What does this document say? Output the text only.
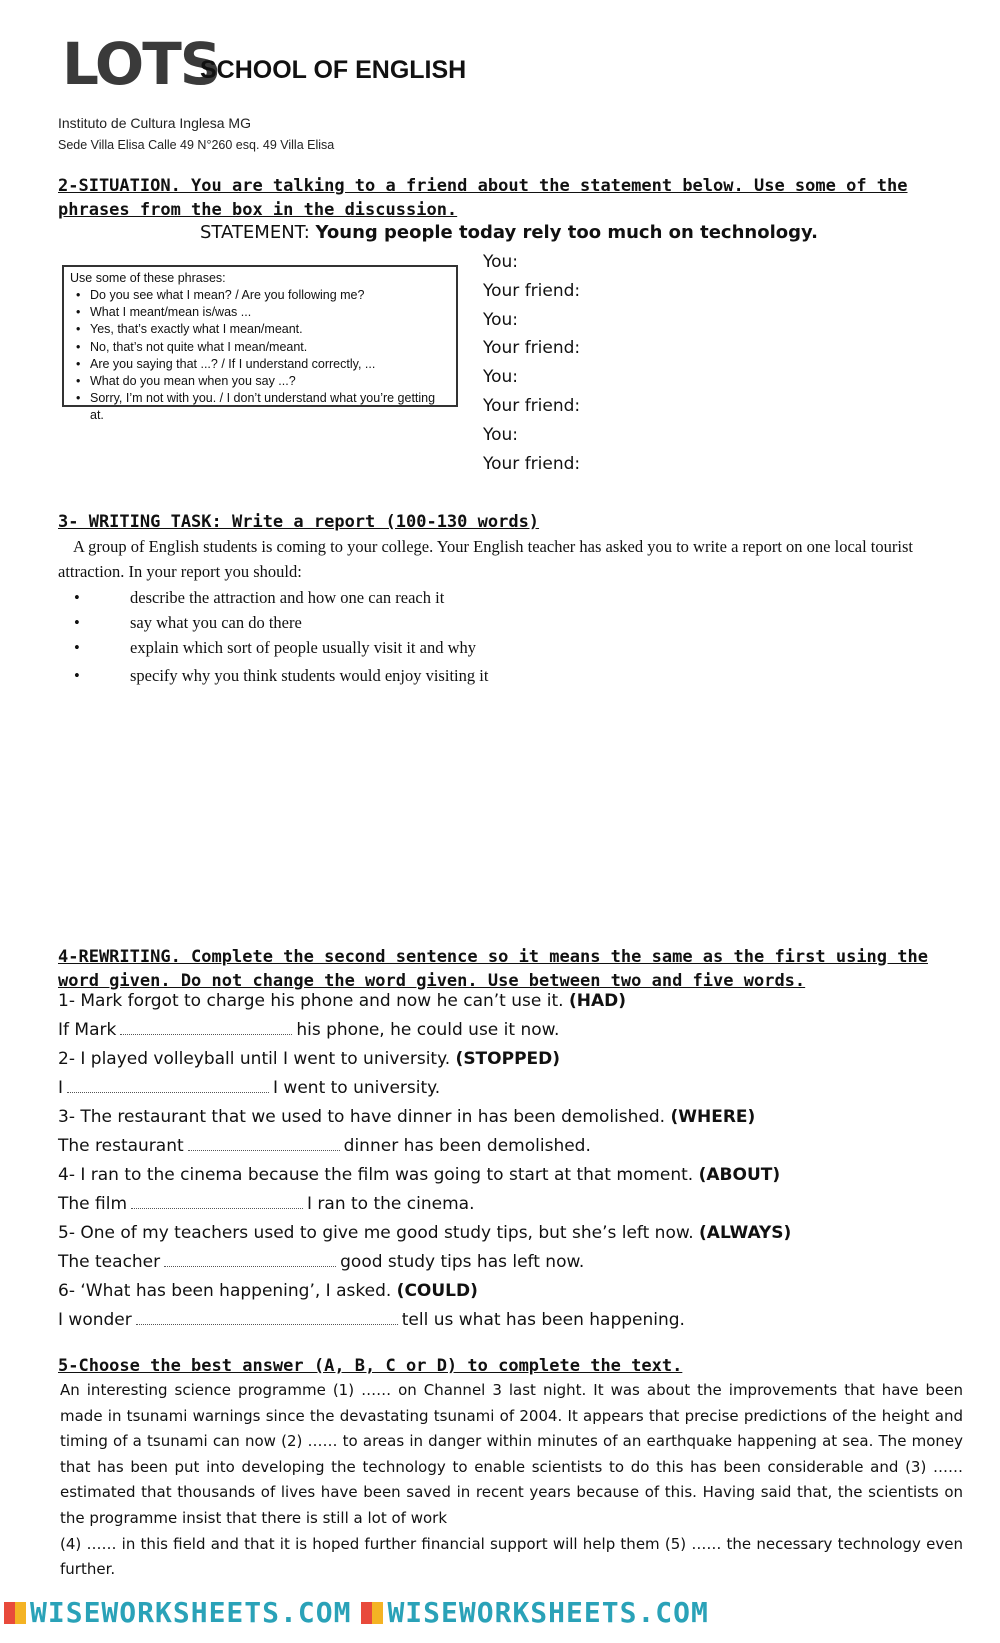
LOTS
SCHOOL OF ENGLISH
Instituto de Cultura Inglesa MG
Sede Villa Elisa Calle 49 N°260 esq. 49 Villa Elisa
2-SITUATION. You are talking to a friend about the statement below. Use some of the phrases from the box in the discussion.
STATEMENT: Young people today rely too much on technology.
Use some of these phrases:
• Do you see what I mean? / Are you following me?
• What I meant/mean is/was ...
• Yes, that’s exactly what I mean/meant.
• No, that’s not quite what I mean/meant.
• Are you saying that ...? / If I understand correctly, ...
• What do you mean when you say ...?
• Sorry, I’m not with you. / I don’t understand what you’re getting at.
You:
Your friend:
You:
Your friend:
You:
Your friend:
You:
Your friend:
3- WRITING TASK: Write a report (100-130 words)
A group of English students is coming to your college. Your English teacher has asked you to write a report on one local tourist attraction. In your report you should:
•	describe the attraction and how one can reach it
•	say what you can do there
•	explain which sort of people usually visit it and why
•	specify why you think students would enjoy visiting it
4-REWRITING. Complete the second sentence so it means the same as the first using the word given. Do not change the word given. Use between two and five words.
1- Mark forgot to charge his phone and now he can’t use it. (HAD)
If Mark	his phone, he could use it now.
2- I played volleyball until I went to university. (STOPPED)
I	I went to university.
3- The restaurant that we used to have dinner in has been demolished. (WHERE)
The restaurant	dinner has been demolished.
4- I ran to the cinema because the film was going to start at that moment. (ABOUT)
The film	I ran to the cinema.
5- One of my teachers used to give me good study tips, but she’s left now. (ALWAYS)
The teacher	good study tips has left now.
6- ‘What has been happening’, I asked. (COULD)
I wonder	tell us what has been happening.
5-Choose the best answer (A, B, C or D) to complete the text.

An interesting science programme (1) …… on Channel 3 last night. It was about the improvements that have been made in tsunami warnings since the devastating tsunami of 2004. It appears that precise predictions of the height and timing of a tsunami can now (2) …… to areas in danger within minutes of an earthquake happening at sea. The money that has been put into developing the technology to enable scientists to do this has been considerable and (3) …… estimated that thousands of lives have been saved in recent years because of this. Having said that, the scientists on the programme insist that there is still a lot of work

(4) …… in this field and that it is hoped further financial support will help them (5) …… the necessary technology even further.

WISEWORKSHEETS.COM WISEWORKSHEETS.COM
